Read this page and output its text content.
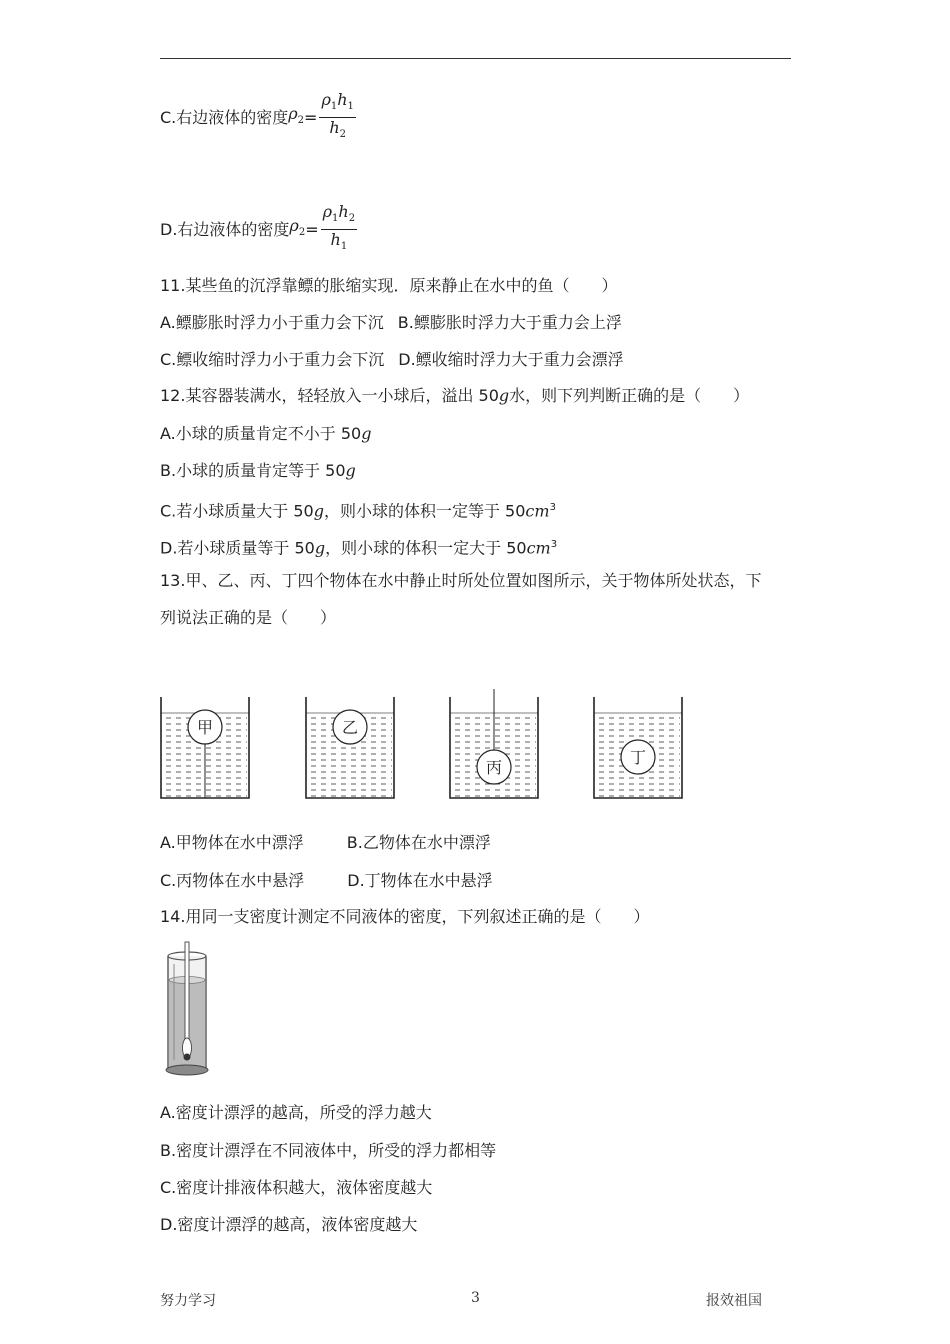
C.右边液体的密度 $\rho_2 = \frac{\rho_1h_1}{h_2}$
D.右边液体的密度 $\rho_2 = \frac{\rho_1h_2}{h_1}$
11.某些鱼的沉浮靠鳔的胀缩实现．原来静止在水中的鱼（　　）
A.鳔膨胀时浮力小于重力会下沉 B.鳔膨胀时浮力大于重力会上浮
C.鳔收缩时浮力小于重力会下沉 D.鳔收缩时浮力大于重力会漂浮
12.某容器装满水，轻轻放入一小球后，溢出 50g水，则下列判断正确的是（　　）
A.小球的质量肯定不小于 50g
B.小球的质量肯定等于 50g
C.若小球质量大于 50g，则小球的体积一定等于 $50cm^3$
D.若小球质量等于 50g，则小球的体积一定大于 $50cm^3$
13.甲、乙、丙、丁四个物体在水中静止时所处位置如图所示，关于物体所处状态，下
列说法正确的是（　　）
甲	乙
丙
丁
A.甲物体在水中漂浮	B.乙物体在水中漂浮
C.丙物体在水中悬浮	D.丁物体在水中悬浮
14.用同一支密度计测定不同液体的密度，下列叙述正确的是（　　）
A.密度计漂浮的越高，所受的浮力越大
B.密度计漂浮在不同液体中，所受的浮力都相等
C.密度计排液体积越大，液体密度越大
D.密度计漂浮的越高，液体密度越大
努力学习	3	报效祖国
